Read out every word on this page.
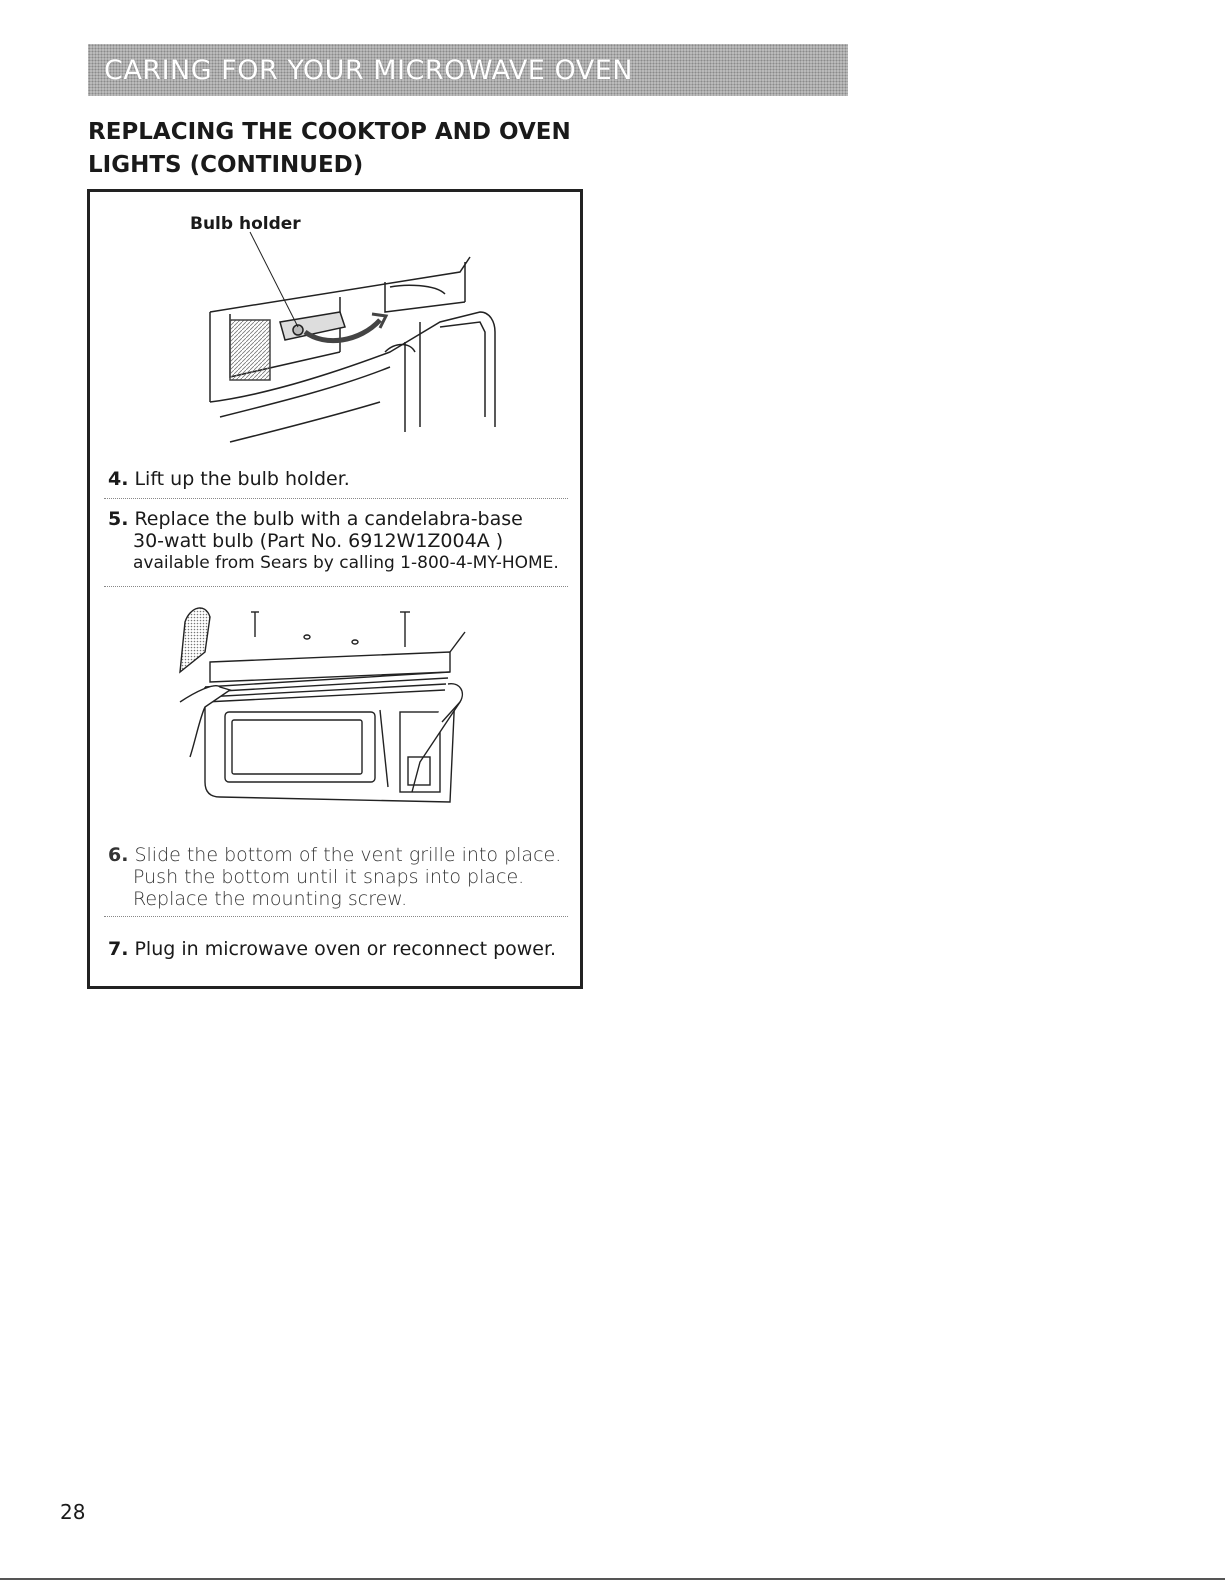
CARING FOR YOUR MICROWAVE OVEN
REPLACING THE COOKTOP AND OVEN LIGHTS (CONTINUED)
Bulb holder
4. Lift up the bulb holder.
5. Replace the bulb with a candelabra-base
30-watt bulb (Part No. 6912W1Z004A )
available from Sears by calling 1-800-4-MY-HOME.
6. Slide the bottom of the vent grille into place.
Push the bottom until it snaps into place.
Replace the mounting screw.
7. Plug in microwave oven or reconnect power.
28
